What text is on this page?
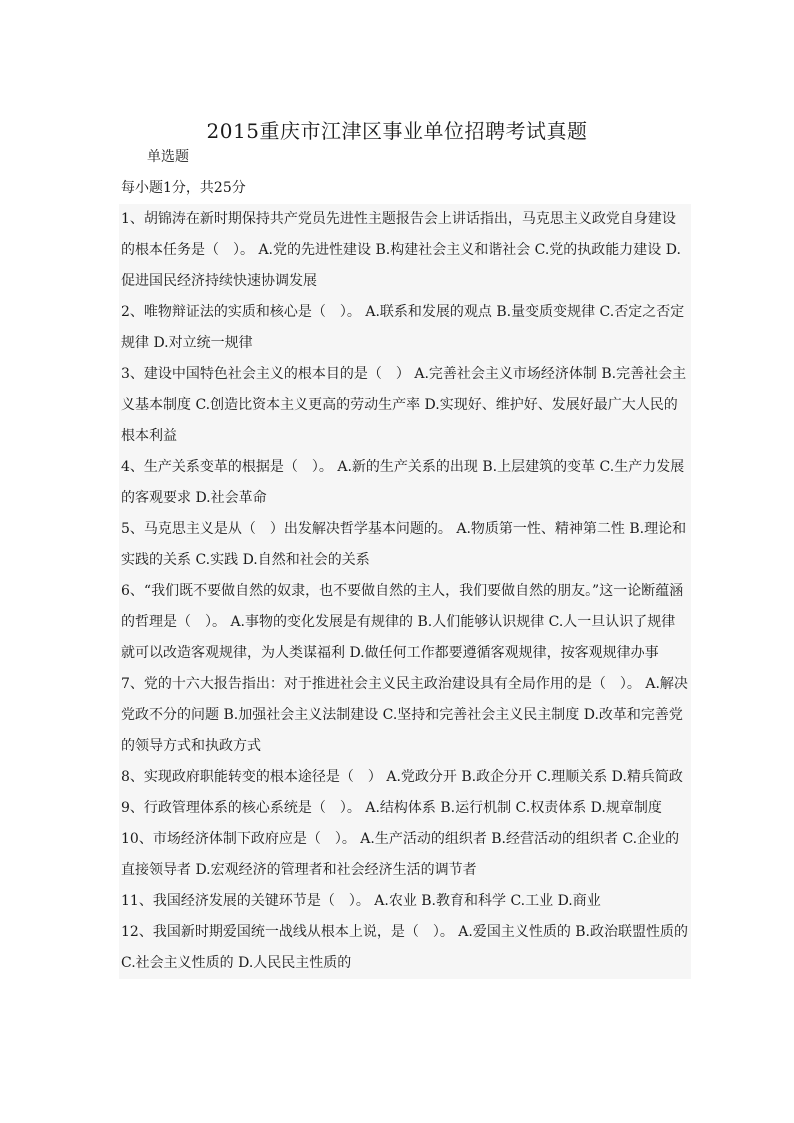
2015重庆市江津区事业单位招聘考试真题

单选题

每小题1分，共25分

1、胡锦涛在新时期保持共产党员先进性主题报告会上讲话指出，马克思主义政党自身建设的根本任务是（　）。 A.党的先进性建设 B.构建社会主义和谐社会 C.党的执政能力建设 D.促进国民经济持续快速协调发展

2、唯物辩证法的实质和核心是（　）。 A.联系和发展的观点 B.量变质变规律 C.否定之否定规律 D.对立统一规律

3、建设中国特色社会主义的根本目的是（　） A.完善社会主义市场经济体制 B.完善社会主义基本制度 C.创造比资本主义更高的劳动生产率 D.实现好、维护好、发展好最广大人民的根本利益

4、生产关系变革的根据是（　）。 A.新的生产关系的出现 B.上层建筑的变革 C.生产力发展的客观要求 D.社会革命

5、马克思主义是从（　）出发解决哲学基本问题的。 A.物质第一性、精神第二性 B.理论和实践的关系 C.实践 D.自然和社会的关系

6、“我们既不要做自然的奴隶，也不要做自然的主人，我们要做自然的朋友。”这一论断蕴涵的哲理是（　）。 A.事物的变化发展是有规律的 B.人们能够认识规律 C.人一旦认识了规律就可以改造客观规律，为人类谋福利 D.做任何工作都要遵循客观规律，按客观规律办事

7、党的十六大报告指出：对于推进社会主义民主政治建设具有全局作用的是（　）。 A.解决党政不分的问题 B.加强社会主义法制建设 C.坚持和完善社会主义民主制度 D.改革和完善党的领导方式和执政方式

8、实现政府职能转变的根本途径是（　） A.党政分开 B.政企分开 C.理顺关系 D.精兵简政

9、行政管理体系的核心系统是（　）。 A.结构体系 B.运行机制 C.权责体系 D.规章制度

10、市场经济体制下政府应是（　）。 A.生产活动的组织者 B.经营活动的组织者 C.企业的直接领导者 D.宏观经济的管理者和社会经济生活的调节者

11、我国经济发展的关键环节是（　）。 A.农业 B.教育和科学 C.工业 D.商业

12、我国新时期爱国统一战线从根本上说，是（　）。 A.爱国主义性质的 B.政治联盟性质的 C.社会主义性质的 D.人民民主性质的
